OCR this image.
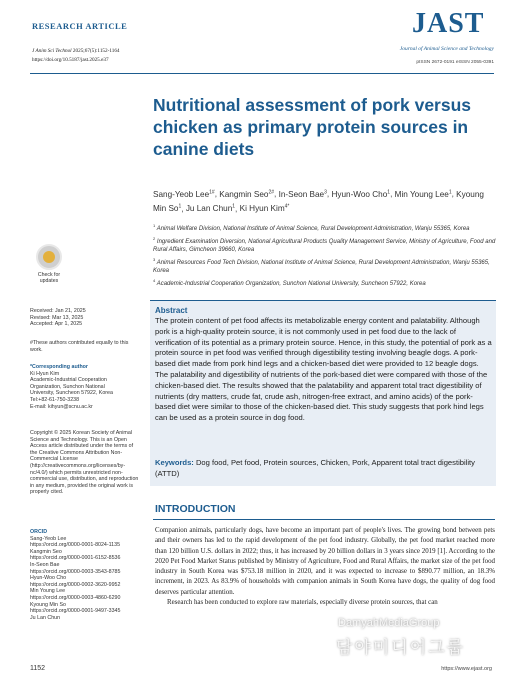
RESEARCH ARTICLE
J Anim Sci Technol 2025;67(5):1152-1164
https://doi.org/10.5187/jast.2025.e37
JAST
Journal of Animal Science and Technology
pISSN 2672-0191 eISSN 2055-0391
Nutritional assessment of pork versus chicken as primary protein sources in canine diets
Sang-Yeob Lee$^{1\#}$, Kangmin Seo$^{2\#}$, In-Seon Bae$^3$, Hyun-Woo Cho$^1$, Min Young Lee$^1$, Kyoung Min So$^1$, Ju Lan Chun$^1$, Ki Hyun Kim$^{4*}$

$^1$ Animal Welfare Division, National Institute of Animal Science, Rural Development Administration, Wanju 55365, Korea

$^2$ Ingredient Examination Diversion, National Agricultural Products Quality Management Service, Ministry of Agriculture, Food and Rural Affairs, Gimcheon 39660, Korea

$^3$ Animal Resources Food Tech Division, National Institute of Animal Science, Rural Development Administration, Wanju 55365, Korea

$^4$ Academic-Industrial Cooperation Organization, Sunchon National University, Suncheon 57922, Korea

Check for
updates
Received: Jan 21, 2025
Revised: Mar 13, 2025
Accepted: Apr 1, 2025
#These authors contributed equally to this work.
*Corresponding author
Ki Hyun Kim
Academic-Industrial Cooperation
Organization, Sunchon National
University, Suncheon 57922, Korea
Tel:+82-61-750-3238
E-mail: kihyun@scnu.ac.kr
Copyright © 2025 Korean Society of Animal Science and Technology. This is an Open Access article distributed under the terms of the Creative Commons Attribution Non-Commercial License (http://creativecommons.org/licenses/by-nc/4.0/) which permits unrestricted non-commercial use, distribution, and reproduction in any medium, provided the original work is properly cited.
ORCID
Sang-Yeob Lee
https://orcid.org/0000-0001-8024-1135
Kangmin Seo
https://orcid.org/0000-0001-6152-8536
In-Seon Bae
https://orcid.org/0000-0003-3543-8785
Hyun-Woo Cho
https://orcid.org/0000-0002-3620-9952
Min Young Lee
https://orcid.org/0000-0003-4860-6290
Kyoung Min So
https://orcid.org/0000-0001-9497-3345
Ju Lan Chun
Abstract

The protein content of pet food affects its metabolizable energy content and palatability. Although pork is a high-quality protein source, it is not commonly used in pet food due to the lack of verification of its potential as a primary protein source. Hence, in this study, the potential of pork as a protein source in pet food was verified through digestibility testing involving beagle dogs. A pork-based diet made from pork hind legs and a chicken-based diet were provided to 12 beagle dogs. The palatability and digestibility of nutrients of the pork-based diet were compared with those of the chicken-based diet. The results showed that the palatability and apparent total tract digestibility of nutrients (dry matters, crude fat, crude ash, nitrogen-free extract, and amino acids) of the pork-based diet were similar to those of the chicken-based diet. This study suggests that pork hind legs can be used as a protein source in dog food.

Keywords: Dog food, Pet food, Protein sources, Chicken, Pork, Apparent total tract digestibility (ATTD)

INTRODUCTION

Companion animals, particularly dogs, have become an important part of people's lives. The growing bond between pets and their owners has led to the rapid development of the pet food industry. Globally, the pet food market reached more than 120 billion U.S. dollars in 2022; thus, it has increased by 20 billion dollars in 3 years since 2019 [1]. According to the 2020 Pet Food Market Status published by Ministry of Agriculture, Food and Rural Affairs, the market size of the pet food industry in South Korea was $753.18 million in 2020, and it was expected to increase to $890.77 million, an 18.3% increment, in 2023. As 83.9% of households with companion animals in South Korea have dogs, the quality of dog food deserves particular attention.

Research has been conducted to explore raw materials, especially diverse protein sources, that can

1152	https://www.ejast.org
DamyahMediaGroup
담야미디어그룹
